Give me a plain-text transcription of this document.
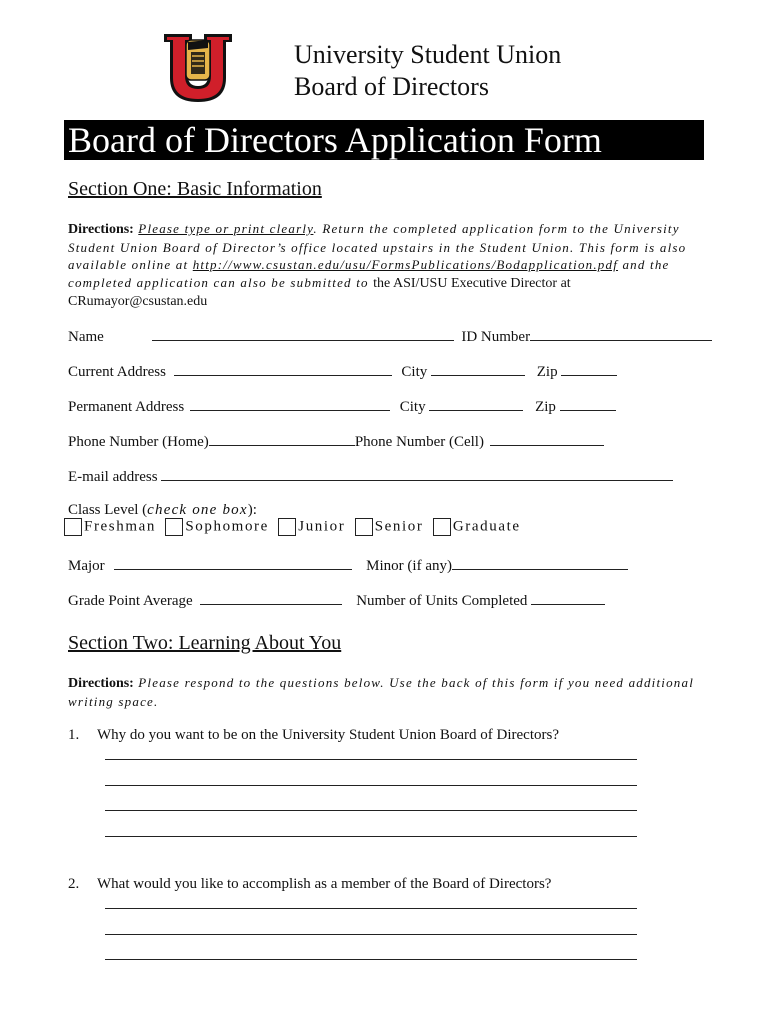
University Student Union
Board of Directors
Board of Directors Application Form
Section One: Basic Information
Directions: Please type or print clearly. Return the completed application form to the University Student Union Board of Director’s office located upstairs in the Student Union. This form is also available online at http://www.csustan.edu/usu/FormsPublications/Bodapplication.pdf and the completed application can also be submitted to the ASI/USU Executive Director at CRumayor@csustan.edu
Name	ID Number
Current Address	City	Zip
Permanent Address	City	Zip
Phone Number (Home)	Phone Number (Cell)
E-mail address
Class Level (check one box):
Freshman Sophomore Junior Senior Graduate
Major	Minor (if any)
Grade Point Average	Number of Units Completed
Section Two: Learning About You
Directions: Please respond to the questions below. Use the back of this form if you need additional writing space.
1. Why do you want to be on the University Student Union Board of Directors?
2. What would you like to accomplish as a member of the Board of Directors?
